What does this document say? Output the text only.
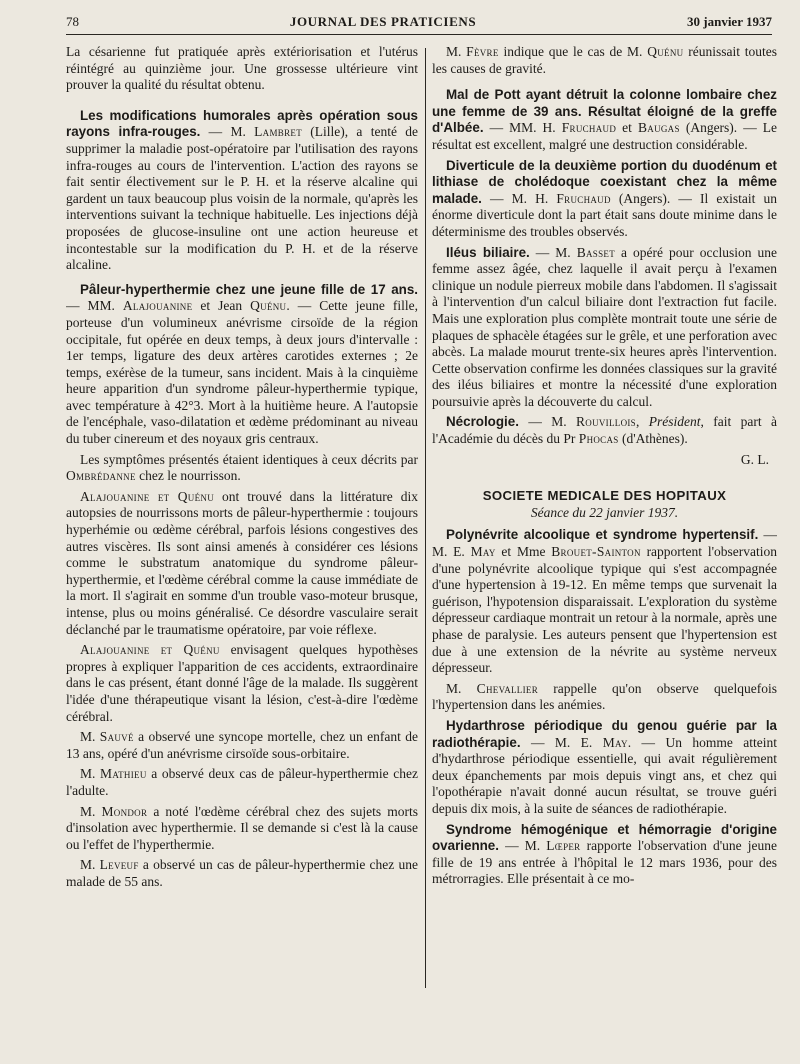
78	JOURNAL DES PRATICIENS	30 janvier 1937

La césarienne fut pratiquée après extériorisation et l'utérus réintégré au quinzième jour. Une grossesse ultérieure vint prouver la qualité du résultat obtenu.

Les modifications humorales après opération sous rayons infra-rouges. — M. Lambret (Lille), a tenté de supprimer la maladie post-opératoire par l'utilisation des rayons infra-rouges au cours de l'intervention. L'action des rayons se fait sentir électivement sur le P. H. et la réserve alcaline qui gardent un taux beaucoup plus voisin de la normale, qu'après les interventions suivant la technique habituelle. Les injections déjà proposées de glucose-insuline ont une action heureuse et incontestable sur la modification du P. H. et de la réserve alcaline.

Pâleur-hyperthermie chez une jeune fille de 17 ans. — MM. Alajouanine et Jean Quénu. — Cette jeune fille, porteuse d'un volumineux anévrisme cirsoïde de la région occipitale, fut opérée en deux temps, à deux jours d'intervalle : 1er temps, ligature des deux artères carotides externes ; 2e temps, exérèse de la tumeur, sans incident. Mais à la cinquième heure apparition d'un syndrome pâleur-hyperthermie typique, avec température à 42°3. Mort à la huitième heure. A l'autopsie de l'encéphale, vaso-dilatation et œdème prédominant au niveau du tuber cinereum et des noyaux gris centraux.

Les symptômes présentés étaient identiques à ceux décrits par Ombrédanne chez le nourrisson.

Alajouanine et Quénu ont trouvé dans la littérature dix autopsies de nourrissons morts de pâleur-hyperthermie : toujours hyperhémie ou œdème cérébral, parfois lésions congestives des autres viscères. Ils sont ainsi amenés à considérer ces lésions comme le substratum anatomique du syndrome pâleur-hyperthermie, et l'œdème cérébral comme la cause immédiate de la mort. Il s'agirait en somme d'un trouble vaso-moteur brusque, intense, plus ou moins généralisé. Ce désordre vasculaire serait déclanché par le traumatisme opératoire, par voie réflexe.

Alajouanine et Quénu envisagent quelques hypothèses propres à expliquer l'apparition de ces accidents, extraordinaire dans le cas présent, étant donné l'âge de la malade. Ils suggèrent l'idée d'une thérapeutique visant la lésion, c'est-à-dire l'œdème cérébral.

M. Sauvé a observé une syncope mortelle, chez un enfant de 13 ans, opéré d'un anévrisme cirsoïde sous-orbitaire.

M. Mathieu a observé deux cas de pâleur-hyperthermie chez l'adulte.

M. Mondor a noté l'œdème cérébral chez des sujets morts d'insolation avec hyperthermie. Il se demande si c'est là la cause ou l'effet de l'hyperthermie.

M. Leveuf a observé un cas de pâleur-hyperthermie chez une malade de 55 ans.

M. Fèvre indique que le cas de M. Quénu réunissait toutes les causes de gravité.

Mal de Pott ayant détruit la colonne lombaire chez une femme de 39 ans. Résultat éloigné de la greffe d'Albée. — MM. H. Fruchaud et Baugas (Angers). — Le résultat est excellent, malgré une destruction considérable.

Diverticule de la deuxième portion du duodénum et lithiase de cholédoque coexistant chez la même malade. — M. H. Fruchaud (Angers). — Il existait un énorme diverticule dont la part était sans doute minime dans le déterminisme des troubles observés.

Iléus biliaire. — M. Basset a opéré pour occlusion une femme assez âgée, chez laquelle il avait perçu à l'examen clinique un nodule pierreux mobile dans l'abdomen. Il s'agissait à l'intervention d'un calcul biliaire dont l'extraction fut facile. Mais une exploration plus complète montrait toute une série de plaques de sphacèle étagées sur le grêle, et une perforation avec abcès. La malade mourut trente-six heures après l'intervention. Cette observation confirme les données classiques sur la gravité des iléus biliaires et montre la nécessité d'une exploration poursuivie après la découverte du calcul.

Nécrologie. — M. Rouvillois, Président, fait part à l'Académie du décès du Pr Phocas (d'Athènes).

G. L.

SOCIETE MEDICALE DES HOPITAUX

Séance du 22 janvier 1937.

Polynévrite alcoolique et syndrome hypertensif. — M. E. May et Mme Brouet-Sainton rapportent l'observation d'une polynévrite alcoolique typique qui s'est accompagnée d'une hypertension à 19-12. En même temps que survenait la guérison, l'hypotension disparaissait. L'exploration du système dépresseur cardiaque montrait un retour à la normale, après une phase de paralysie. Les auteurs pensent que l'hypertension est due à une extension de la névrite au système nerveux dépresseur.

M. Chevallier rappelle qu'on observe quelquefois l'hypertension dans les anémies.

Hydarthrose périodique du genou guérie par la radiothérapie. — M. E. May. — Un homme atteint d'hydarthrose périodique essentielle, qui avait régulièrement deux épanchements par mois depuis vingt ans, et chez qui l'opothérapie n'avait donné aucun résultat, se trouve guéri depuis dix mois, à la suite de séances de radiothérapie.

Syndrome hémogénique et hémorragie d'origine ovarienne. — M. Lœper rapporte l'observation d'une jeune fille de 19 ans entrée à l'hôpital le 12 mars 1936, pour des métrorragies. Elle présentait à ce mo-
